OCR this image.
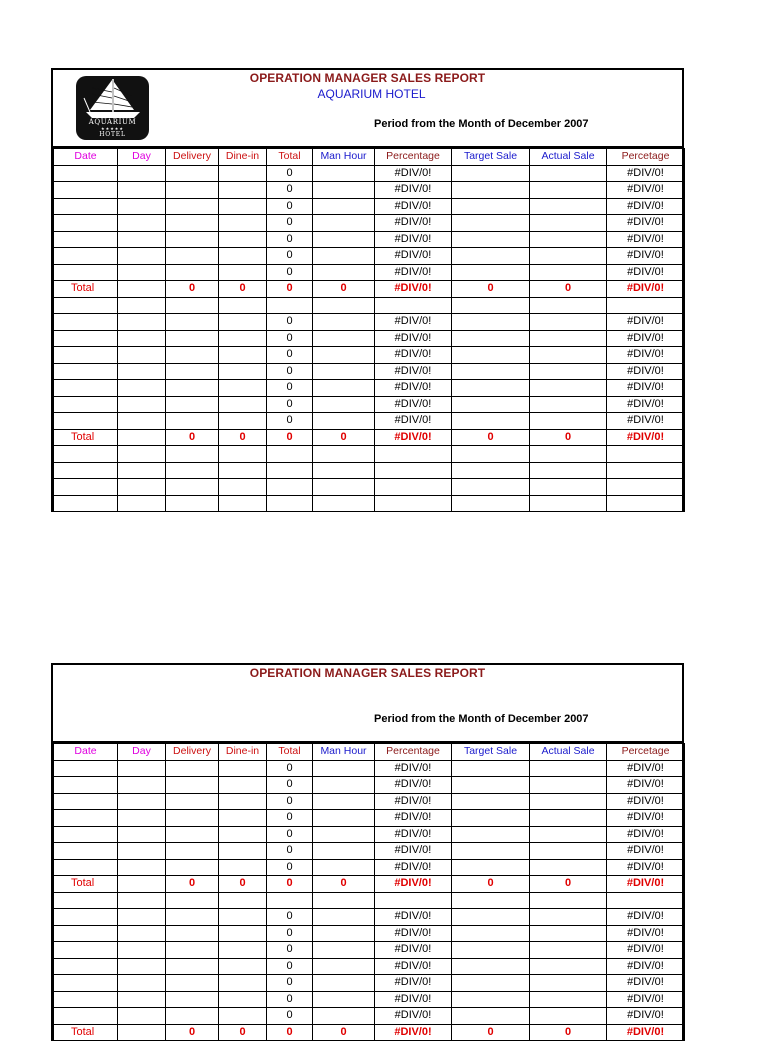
AQUARIUM
★★★★★
HOTEL
OPERATION MANAGER SALES REPORT
AQUARIUM HOTEL
Period from the Month of December 2007
Date	Day	Delivery	Dine-in	Total	Man Hour	Percentage	Target Sale	Actual Sale	Percetage
				0		#DIV/0!			#DIV/0!
				0		#DIV/0!			#DIV/0!
				0		#DIV/0!			#DIV/0!
				0		#DIV/0!			#DIV/0!
				0		#DIV/0!			#DIV/0!
				0		#DIV/0!			#DIV/0!
				0		#DIV/0!			#DIV/0!
Total		0	0	0	0	#DIV/0!	0	0	#DIV/0!

				0		#DIV/0!			#DIV/0!
				0		#DIV/0!			#DIV/0!
				0		#DIV/0!			#DIV/0!
				0		#DIV/0!			#DIV/0!
				0		#DIV/0!			#DIV/0!
				0		#DIV/0!			#DIV/0!
				0		#DIV/0!			#DIV/0!
Total		0	0	0	0	#DIV/0!	0	0	#DIV/0!

OPERATION MANAGER SALES REPORT
Period from the Month of December 2007
Date	Day	Delivery	Dine-in	Total	Man Hour	Percentage	Target Sale	Actual Sale	Percetage
				0		#DIV/0!			#DIV/0!
				0		#DIV/0!			#DIV/0!
				0		#DIV/0!			#DIV/0!
				0		#DIV/0!			#DIV/0!
				0		#DIV/0!			#DIV/0!
				0		#DIV/0!			#DIV/0!
				0		#DIV/0!			#DIV/0!
Total		0	0	0	0	#DIV/0!	0	0	#DIV/0!

				0		#DIV/0!			#DIV/0!
				0		#DIV/0!			#DIV/0!
				0		#DIV/0!			#DIV/0!
				0		#DIV/0!			#DIV/0!
				0		#DIV/0!			#DIV/0!
				0		#DIV/0!			#DIV/0!
				0		#DIV/0!			#DIV/0!
Total		0	0	0	0	#DIV/0!	0	0	#DIV/0!
